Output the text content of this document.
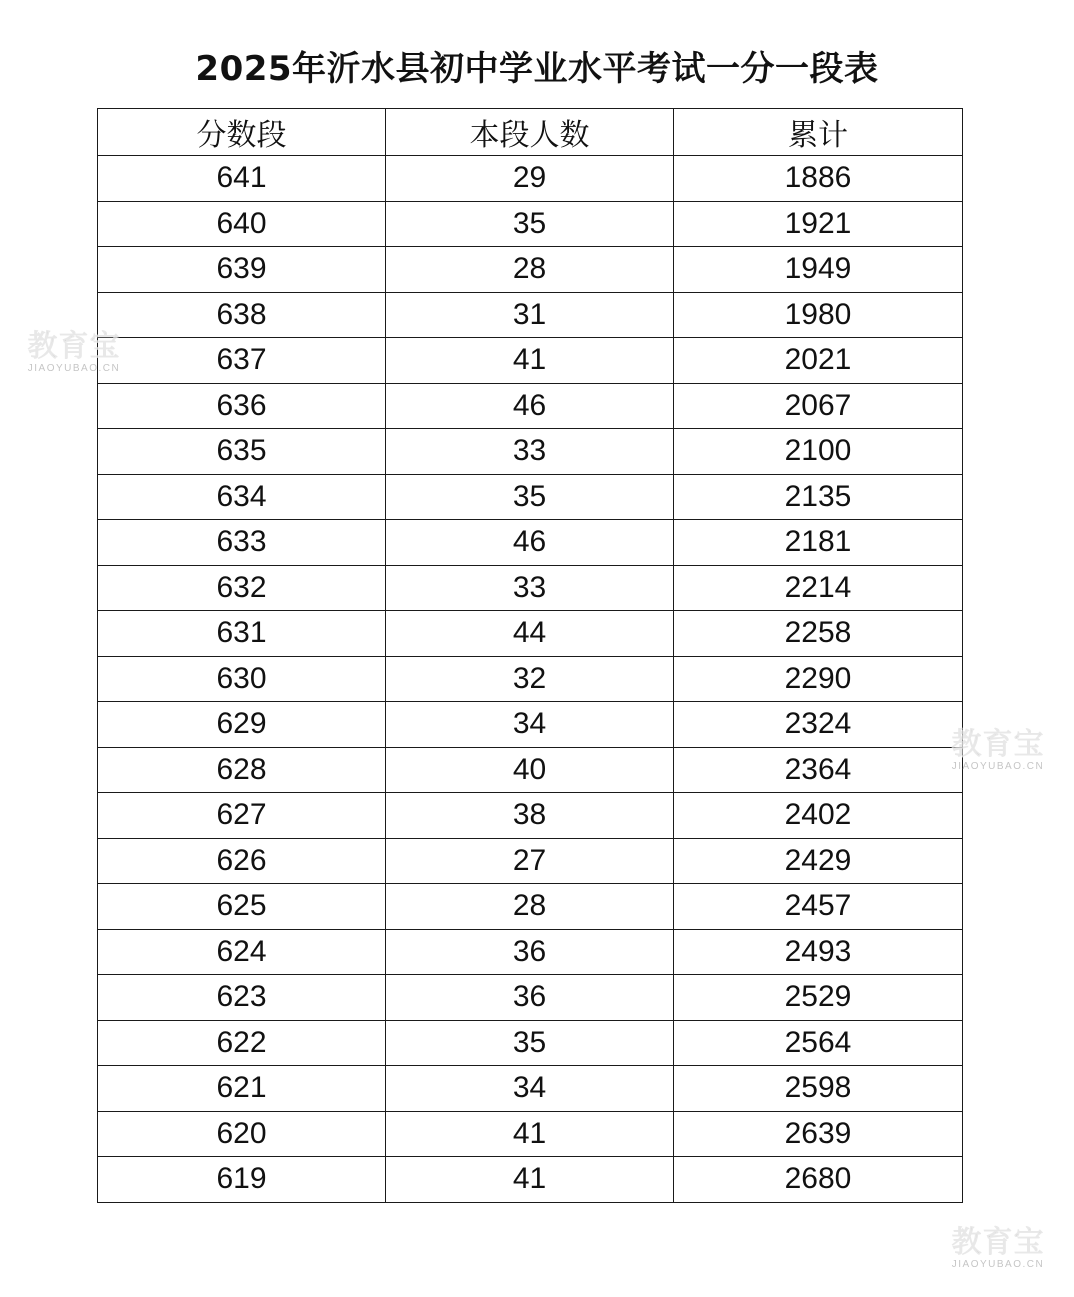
2025年沂水县初中学业水平考试一分一段表
分数段	本段人数	累计
641	29	1886
640	35	1921
639	28	1949
638	31	1980
637	41	2021
636	46	2067
635	33	2100
634	35	2135
633	46	2181
632	33	2214
631	44	2258
630	32	2290
629	34	2324
628	40	2364
627	38	2402
626	27	2429
625	28	2457
624	36	2493
623	36	2529
622	35	2564
621	34	2598
620	41	2639
619	41	2680
教育宝
JIAOYUBAO.CN
教育宝
JIAOYUBAO.CN
教育宝
JIAOYUBAO.CN
